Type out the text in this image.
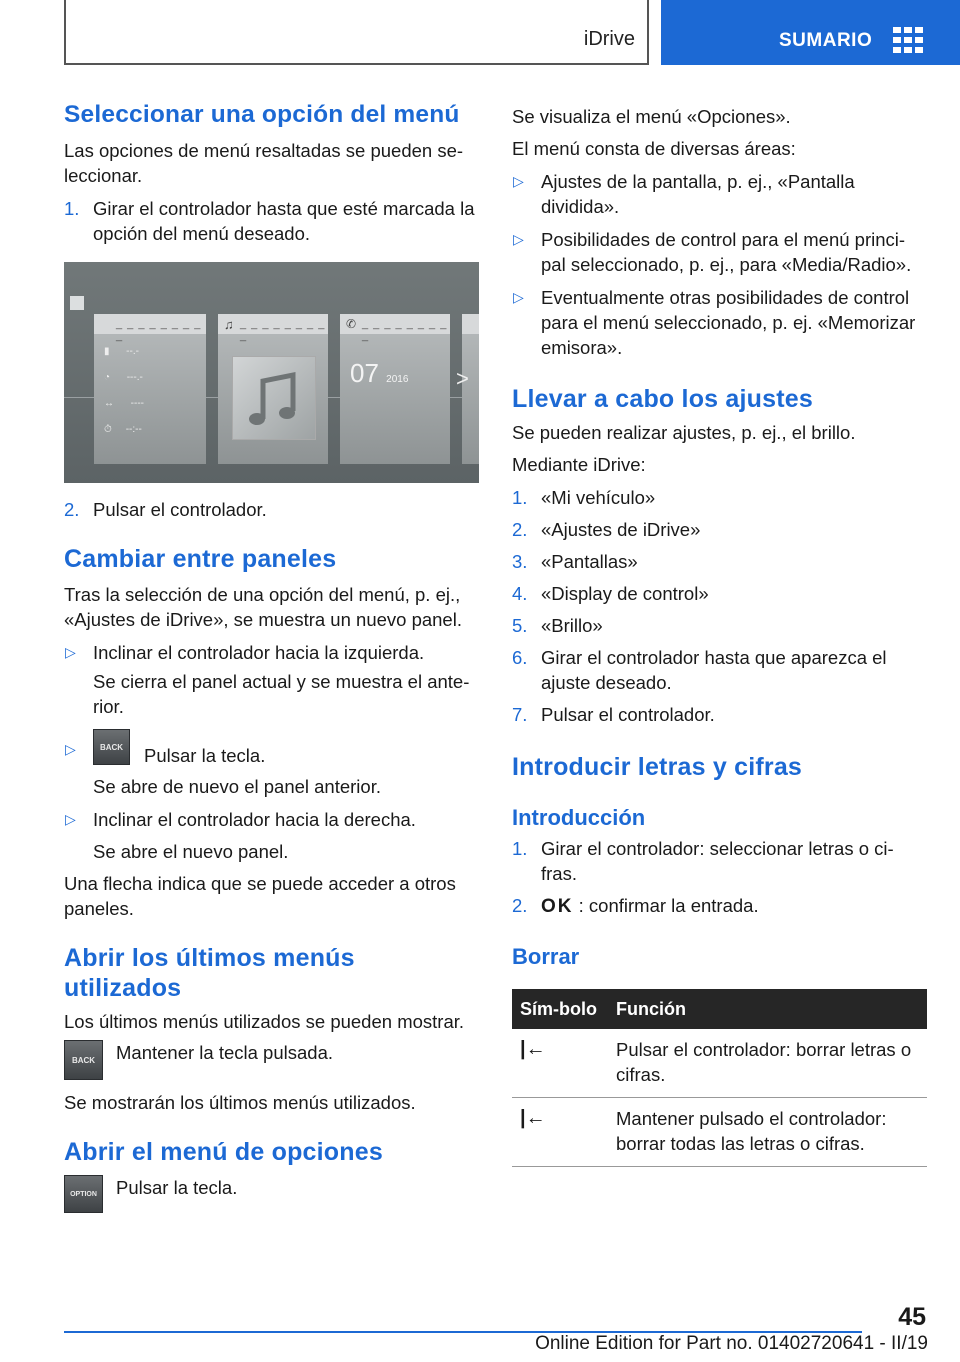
iDrive	SUMARIO
Seleccionar una opción del menú

Las opciones de menú resaltadas se pueden se‐leccionar.

1. Girar el controlador hasta que esté marcada la opción del menú deseado.
_ _ _ _ _ _ _ _ _
▮      --.-
◔      ---.-
↔      ----
⏱     --:--
♫ _ _ _ _ _ _ _ _ _
✆ _ _ _ _ _ _ _ _ _
07 2016 >
2. Pulsar el controlador.
Cambiar entre paneles

Tras la selección de una opción del menú, p. ej., «Ajustes de iDrive», se muestra un nuevo panel.

▷ Inclinar el controlador hacia la izquierda.

Se cierra el panel actual y se muestra el ante‐rior.

▷	BACK	Pulsar la tecla.

Se abre de nuevo el panel anterior.

▷ Inclinar el controlador hacia la derecha.

Se abre el nuevo panel.

Una flecha indica que se puede acceder a otros paneles.

Abrir los últimos menús utilizados

Los últimos menús utilizados se pueden mostrar.

BACK	Mantener la tecla pulsada.

Se mostrarán los últimos menús utilizados.

Abrir el menú de opciones
OPTION	Pulsar la tecla.

Se visualiza el menú «Opciones».

El menú consta de diversas áreas:

▷ Ajustes de la pantalla, p. ej., «Pantalla dividida».
▷ Posibilidades de control para el menú princi‐pal seleccionado, p. ej., para «Media/Radio».
▷ Eventualmente otras posibilidades de control para el menú seleccionado, p. ej. «Memorizar emisora».
Llevar a cabo los ajustes

Se pueden realizar ajustes, p. ej., el brillo.

Mediante iDrive:

1. «Mi vehículo»
2. «Ajustes de iDrive»
3. «Pantallas»
4. «Display de control»
5. «Brillo»
6. Girar el controlador hasta que aparezca el ajuste deseado.
7. Pulsar el controlador.
Introducir letras y cifras
Introducción
1. Girar el controlador: seleccionar letras o ci‐fras.
2. OK : confirmar la entrada.
Borrar
Sím‐bolo	Función
|←	Pulsar el controlador: borrar letras o cifras.
|←	Mantener pulsado el controlador: borrar todas las letras o cifras.
45
Online Edition for Part no. 01402720641 - II/19
